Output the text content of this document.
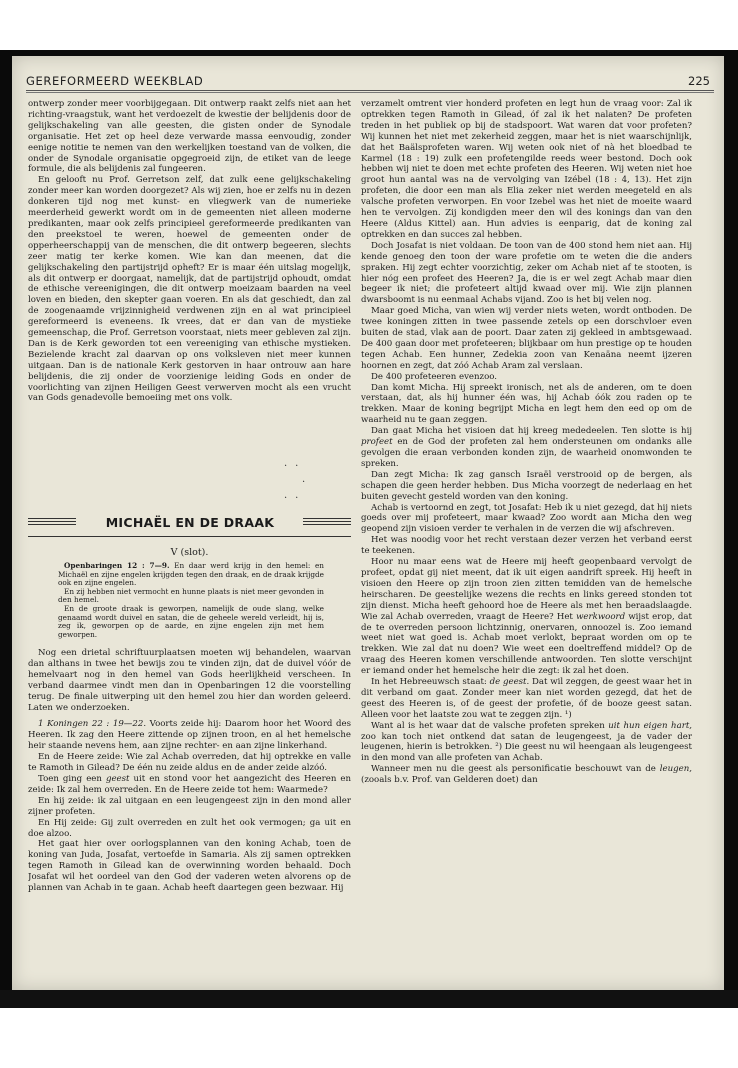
GEREFORMEERD WEEKBLAD	225

ontwerp zonder meer voorbijgegaan. Dit ontwerp raakt zelfs niet aan het richting-vraagstuk, want het verdoezelt de kwestie der belijdenis door de gelijkschakeling van alle geesten, die gisten onder de Synodale organisatie. Het zet op heel deze verwarde massa eenvoudig, zonder eenige notitie te nemen van den werkelijken toestand van de volken, die onder de Synodale organisatie opgegroeid zijn, de etiket van de leege formule, die als belijdenis zal fungeeren.

En gelooft nu Prof. Gerretson zelf, dat zulk eene gelijkschakeling zonder meer kan worden doorgezet? Als wij zien, hoe er zelfs nu in dezen donkeren tijd nog met kunst- en vliegwerk van de numerieke meerderheid gewerkt wordt om in de gemeenten niet alleen moderne predikanten, maar ook zelfs principieel gereformeerde predikanten van den preekstoel te weren, hoewel de gemeenten onder de opperheerschappij van de menschen, die dit ontwerp begeeren, slechts zeer matig ter kerke komen. Wie kan dan meenen, dat die gelijkschakeling den partijstrijd opheft? Er is maar één uitslag mogelijk, als dit ontwerp er doorgaat, namelijk, dat de partijstrijd ophoudt, omdat de ethische vereenigingen, die dit ontwerp moeizaam baarden na veel loven en bieden, den skepter gaan voeren. En als dat geschiedt, dan zal de zoogenaamde vrijzinnigheid verdwenen zijn en al wat principieel gereformeerd is eveneens. Ik vrees, dat er dan van de mystieke gemeenschap, die Prof. Gerretson voorstaat, niets meer gebleven zal zijn. Dan is de Kerk geworden tot een vereeniging van ethische mystieken. Bezielende kracht zal daarvan op ons volksleven niet meer kunnen uitgaan. Dan is de nationale Kerk gestorven in haar ontrouw aan hare belijdenis, die zij onder de voorzienige leiding Gods en onder de voorlichting van zijnen Heiligen Geest verwerven mocht als een vrucht van Gods genadevolle bemoeiing met ons volk.

..
.
..
MICHAËL EN DE DRAAK
V (slot).

Openbaringen 12 : 7—9. En daar werd krijg in den hemel: en Michaël en zijne engelen krijgden tegen den draak, en de draak krijgde ook en zijne engelen.

En zij hebben niet vermocht en hunne plaats is niet meer gevonden in den hemel.

En de groote draak is geworpen, namelijk de oude slang, welke genaamd wordt duivel en satan, die de geheele wereld verleidt, hij is, zeg ik, geworpen op de aarde, en zijne engelen zijn met hem geworpen.

Nog een drietal schriftuurplaatsen moeten wij behandelen, waarvan dan althans in twee het bewijs zou te vinden zijn, dat de duivel vóór de hemelvaart nog in den hemel van Gods heerlijkheid verscheen. In verband daarmee vindt men dan in Openbaringen 12 die voorstelling terug. De finale uitwerping uit den hemel zou hier dan worden geleerd. Laten we onderzoeken.

1 Koningen 22 : 19—22. Voorts zeide hij: Daarom hoor het Woord des Heeren. Ik zag den Heere zittende op zijnen troon, en al het hemelsche heir staande nevens hem, aan zijne rechter- en aan zijne linkerhand.

En de Heere zeide: Wie zal Achab overreden, dat hij optrekke en valle te Ramoth in Gilead? De één nu zeide aldus en de ander zeide alzóó.

Toen ging een geest uit en stond voor het aangezicht des Heeren en zeide: Ik zal hem overreden. En de Heere zeide tot hem: Waarmede?

En hij zeide: ik zal uitgaan en een leugengeest zijn in den mond aller zijner profeten.

En Hij zeide: Gij zult overreden en zult het ook vermogen; ga uit en doe alzoo.

Het gaat hier over oorlogsplannen van den koning Achab, toen de koning van Juda, Josafat, vertoefde in Samaria. Als zij samen optrekken tegen Ramoth in Gilead kan de overwinning worden behaald. Doch Josafat wil het oordeel van den God der vaderen weten alvorens op de plannen van Achab in te gaan. Achab heeft daartegen geen bezwaar. Hij

verzamelt omtrent vier honderd profeten en legt hun de vraag voor: Zal ik optrekken tegen Ramoth in Gilead, óf zal ik het nalaten? De profeten treden in het publiek op bij de stadspoort. Wat waren dat voor profeten? Wij kunnen het niet met zekerheid zeggen, maar het is niet waarschijnlijk, dat het Baälsprofeten waren. Wij weten ook niet of nà het bloedbad te Karmel (18 : 19) zulk een profetengilde reeds weer bestond. Doch ook hebben wij niet te doen met echte profeten des Heeren. Wij weten niet hoe groot hun aantal was na de vervolging van Izébel (18 : 4, 13). Het zijn profeten, die door een man als Elia zeker niet werden meegeteld en als valsche profeten verworpen. En voor Izebel was het niet de moeite waard hen te vervolgen. Zij kondigden meer den wil des konings dan van den Heere (Aldus Kittel) aan. Hun advies is eenparig, dat de koning zal optrekken en dan succes zal hebben.

Doch Josafat is niet voldaan. De toon van de 400 stond hem niet aan. Hij kende genoeg den toon der ware profetie om te weten die die anders spraken. Hij zegt echter voorzichtig, zeker om Achab niet af te stooten, is hier nóg een profeet des Heeren? Ja, die is er wel zegt Achab maar dien begeer ik niet; die profeteert altijd kwaad over mij. Wie zijn plannen dwarsboomt is nu eenmaal Achabs vijand. Zoo is het bij velen nog.

Maar goed Micha, van wien wij verder niets weten, wordt ontboden. De twee koningen zitten in twee passende zetels op een dorschvloer even buiten de stad, vlak aan de poort. Daar zaten zij gekleed in ambtsgewaad. De 400 gaan door met profeteeren; blijkbaar om hun prestige op te houden tegen Achab. Een hunner, Zedekia zoon van Kenaäna neemt ijzeren hoornen en zegt, dat zóó Achab Aram zal verslaan.

De 400 profeteeren evenzoo.

Dan komt Micha. Hij spreekt ironisch, net als de anderen, om te doen verstaan, dat, als hij hunner één was, hij Achab óók zou raden op te trekken. Maar de koning begrijpt Micha en legt hem den eed op om de waarheid nu te gaan zeggen.

Dan gaat Micha het visioen dat hij kreeg mededeelen. Ten slotte is hij profeet en de God der profeten zal hem ondersteunen om ondanks alle gevolgen die eraan verbonden konden zijn, de waarheid onomwonden te spreken.

Dan zegt Micha: Ik zag gansch Israël verstrooid op de bergen, als schapen die geen herder hebben. Dus Micha voorzegt de nederlaag en het buiten gevecht gesteld worden van den koning.

Achab is vertoornd en zegt, tot Josafat: Heb ik u niet gezegd, dat hij niets goeds over mij profeteert, maar kwaad? Zoo wordt aan Micha den weg geopend zijn visioen verder te verhalen in de verzen die wij afschreven.

Het was noodig voor het recht verstaan dezer verzen het verband eerst te teekenen.

Hoor nu maar eens wat de Heere mij heeft geopenbaard vervolgt de profeet, opdat gij niet meent, dat ik uit eigen aandrift spreek. Hij heeft in visioen den Heere op zijn troon zien zitten temidden van de hemelsche heirscharen. De geestelijke wezens die rechts en links gereed stonden tot zijn dienst. Micha heeft gehoord hoe de Heere als met hen beraadslaagde. Wie zal Achab overreden, vraagt de Heere? Het werkwoord wijst erop, dat de te overreden persoon lichtzinnig, onervaren, onnoozel is. Zoo iemand weet niet wat goed is. Achab moet verlokt, bepraat worden om op te trekken. Wie zal dat nu doen? Wie weet een doeltreffend middel? Op de vraag des Heeren komen verschillende antwoorden. Ten slotte verschijnt er iemand onder het hemelsche heir die zegt: ik zal het doen.

In het Hebreeuwsch staat: de geest. Dat wil zeggen, de geest waar het in dit verband om gaat. Zonder meer kan niet worden gezegd, dat het de geest des Heeren is, of de geest der profetie, óf de booze geest satan. Alleen voor het laatste zou wat te zeggen zijn. ¹)

Want al is het waar dat de valsche profeten spreken uit hun eigen hart, zoo kan toch niet ontkend dat satan de leugengeest, ja de vader der leugenen, hierin is betrokken. ²) Die geest nu wil heengaan als leugengeest in den mond van alle profeten van Achab.

Wanneer men nu die geest als personificatie beschouwt van de leugen, (zooals b.v. Prof. van Gelderen doet) dan
